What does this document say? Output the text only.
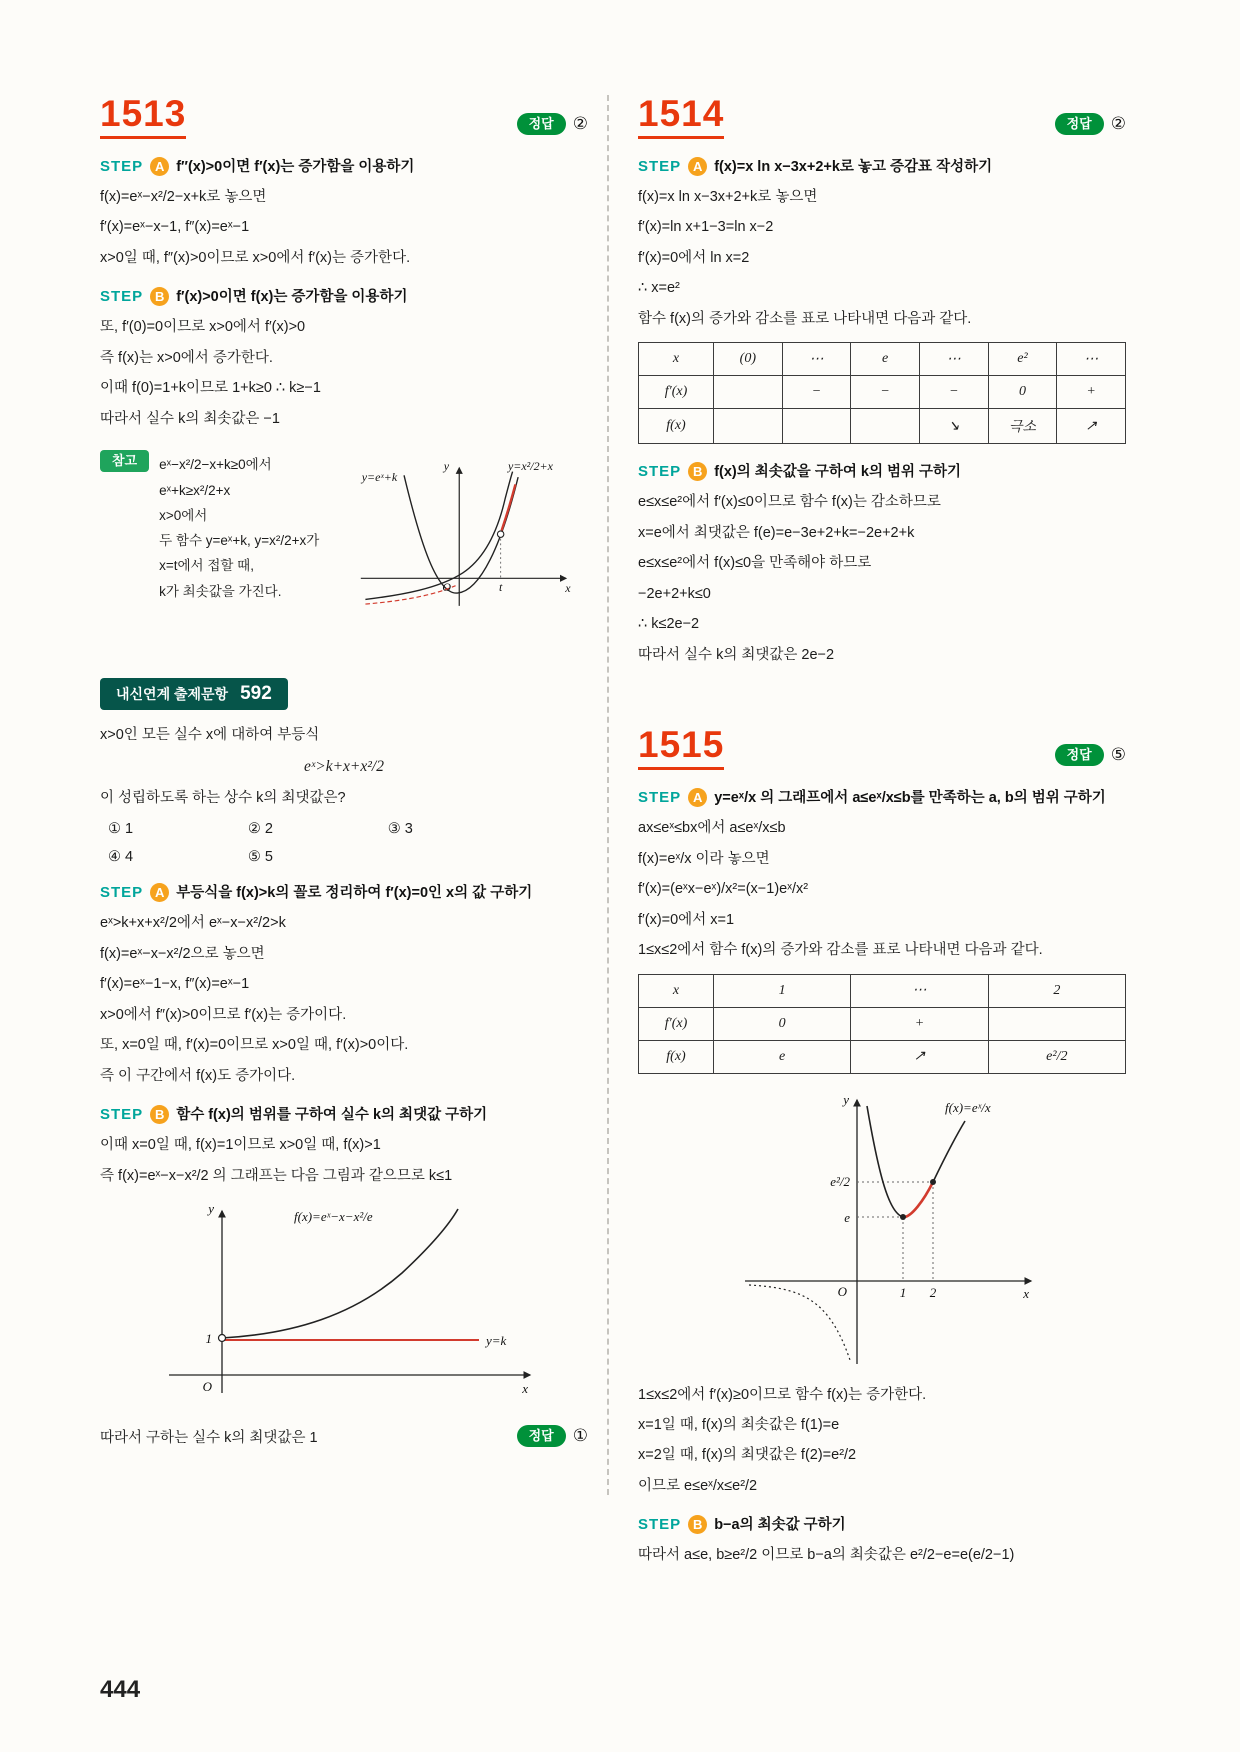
1513	정답	②
STEP A f″(x)>0이면 f′(x)는 증가함을 이용하기

f(x)=eˣ−x²/2−x+k로 놓으면

f′(x)=eˣ−x−1, f″(x)=eˣ−1

x>0일 때, f″(x)>0이므로 x>0에서 f′(x)는 증가한다.

STEP B f′(x)>0이면 f(x)는 증가함을 이용하기

또, f′(0)=0이므로 x>0에서 f′(x)>0

즉 f(x)는 x>0에서 증가한다.

이때 f(0)=1+k이므로 1+k≥0 ∴ k≥−1

따라서 실수 k의 최솟값은 −1

참고	eˣ−x²/2−x+k≥0에서

eˣ+k≥x²/2+x

x>0에서

두 함수 y=eˣ+k, y=x²/2+x가

x=t에서 접할 때,

k가 최솟값을 가진다.

y
x
O	t
y=eˣ+k
y=x²/2+x
내신연계 출제문항 592

x>0인 모든 실수 x에 대하여 부등식

eˣ>k+x+x²/2

이 성립하도록 하는 상수 k의 최댓값은?

① 1	② 2	③ 3
④ 4	⑤ 5
STEP A 부등식을 f(x)>k의 꼴로 정리하여 f′(x)=0인 x의 값 구하기

eˣ>k+x+x²/2에서 eˣ−x−x²/2>k

f(x)=eˣ−x−x²/2으로 놓으면

f′(x)=eˣ−1−x, f″(x)=eˣ−1

x>0에서 f″(x)>0이므로 f′(x)는 증가이다.

또, x=0일 때, f′(x)=0이므로 x>0일 때, f′(x)>0이다.

즉 이 구간에서 f(x)도 증가이다.

STEP B 함수 f(x)의 범위를 구하여 실수 k의 최댓값 구하기

이때 x=0일 때, f(x)=1이므로 x>0일 때, f(x)>1

즉 f(x)=eˣ−x−x²/2 의 그래프는 다음 그림과 같으므로 k≤1

y
x
O
1
f(x)=eˣ−x−x²/e
y=k

따라서 구하는 실수 k의 최댓값은 1	정답	①
1514	정답	②
STEP A f(x)=x ln x−3x+2+k로 놓고 증감표 작성하기

f(x)=x ln x−3x+2+k로 놓으면

f′(x)=ln x+1−3=ln x−2

f′(x)=0에서 ln x=2

∴ x=e²

함수 f(x)의 증가와 감소를 표로 나타내면 다음과 같다.

x	(0)	⋯	e	⋯	e²	⋯
f′(x)		−	−	−	0	+
f(x)				↘	극소	↗
STEP B f(x)의 최솟값을 구하여 k의 범위 구하기

e≤x≤e²에서 f′(x)≤0이므로 함수 f(x)는 감소하므로

x=e에서 최댓값은 f(e)=e−3e+2+k=−2e+2+k

e≤x≤e²에서 f(x)≤0을 만족해야 하므로

−2e+2+k≤0

∴ k≤2e−2

따라서 실수 k의 최댓값은 2e−2

1515	정답	⑤
STEP A y=eˣ/x 의 그래프에서 a≤eˣ/x≤b를 만족하는 a, b의 범위 구하기

ax≤eˣ≤bx에서 a≤eˣ/x≤b

f(x)=eˣ/x 이라 놓으면

f′(x)=(eˣx−eˣ)/x²=(x−1)eˣ/x²

f′(x)=0에서 x=1

1≤x≤2에서 함수 f(x)의 증가와 감소를 표로 나타내면 다음과 같다.

x	1	⋯	2
f′(x)	0	+	
f(x)	e	↗	e²/2
y
x
O	1 2
e
e²/2
f(x)=eˣ/x

1≤x≤2에서 f′(x)≥0이므로 함수 f(x)는 증가한다.

x=1일 때, f(x)의 최솟값은 f(1)=e

x=2일 때, f(x)의 최댓값은 f(2)=e²/2

이므로 e≤eˣ/x≤e²/2

STEP B b−a의 최솟값 구하기

따라서 a≤e, b≥e²/2 이므로 b−a의 최솟값은 e²/2−e=e(e/2−1)

444
